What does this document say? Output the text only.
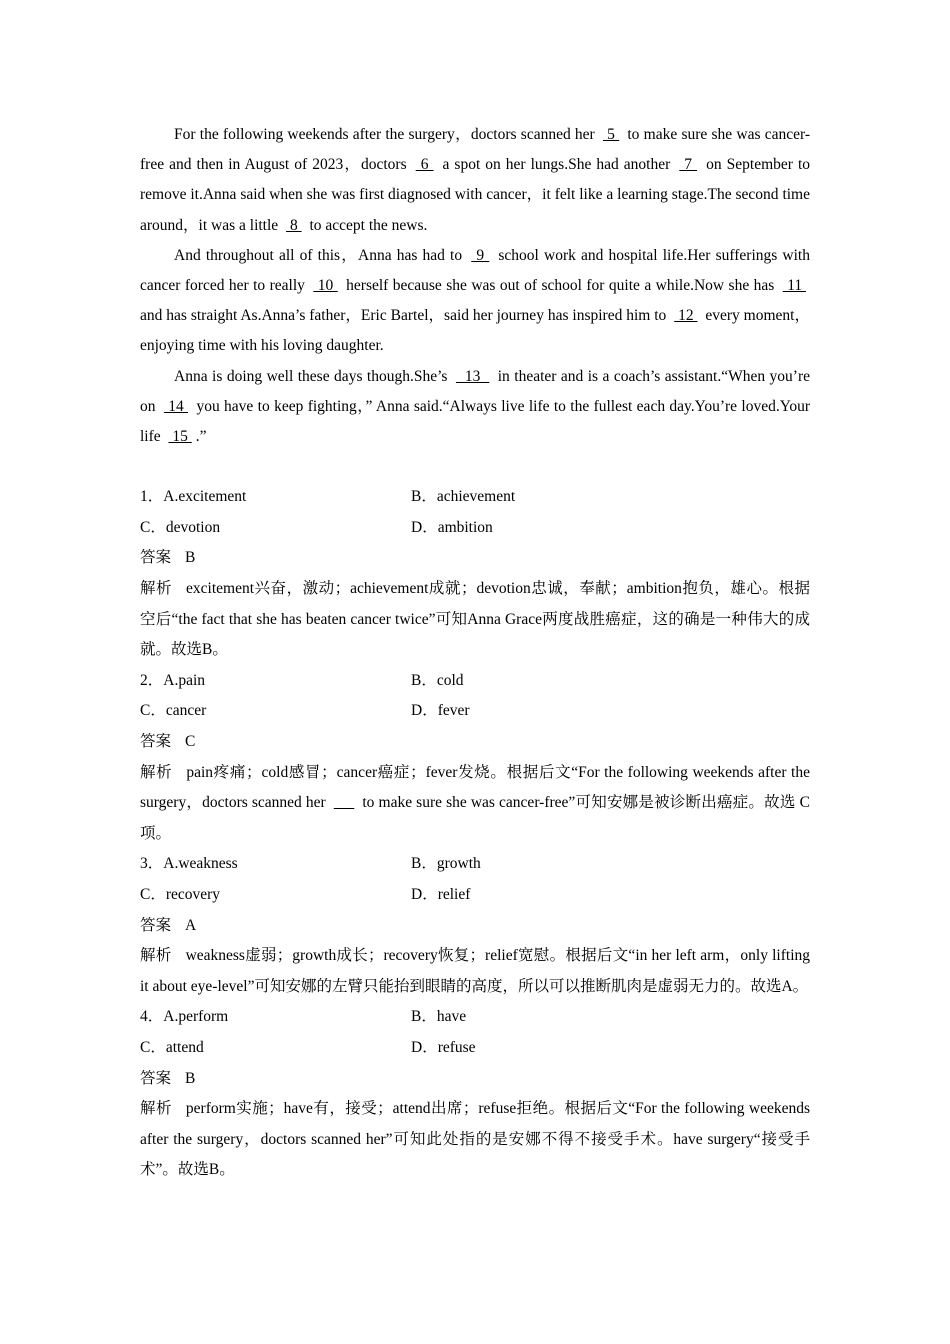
For the following weekends after the surgery，doctors scanned her  5  to make sure she was cancer-free and then in August of 2023，doctors  6  a spot on her lungs.She had another  7  on September to remove it.Anna said when she was first diagnosed with cancer，it felt like a learning stage.The second time around，it was a little  8  to accept the news.

And throughout all of this，Anna has had to  9  school work and hospital life.Her sufferings with cancer forced her to really  10  herself because she was out of school for quite a while.Now she has  11  and has straight As.Anna’s father，Eric Bartel，said her journey has inspired him to  12  every moment，enjoying time with his loving daughter.

Anna is doing well these days though.She’s   13   in theater and is a coach’s assistant.“When you’re on  14  you have to keep fighting，” Anna said.“Always live life to the fullest each day.You’re loved.Your life  15 .”

1．A.excitement	B．achievement
C．devotion	D．ambition

答案 B

解析 excitement兴奋，激动；achievement成就；devotion忠诚，奉献；ambition抱负，雄心。根据空后“the fact that she has beaten cancer twice”可知Anna Grace两度战胜癌症，这的确是一种伟大的成就。故选B。

2．A.pain	B．cold
C．cancer	D．fever

答案 C

解析 pain疼痛；cold感冒；cancer癌症；fever发烧。根据后文“For the following weekends after the surgery，doctors scanned her       to make sure she was cancer-free”可知安娜是被诊断出癌症。故选 C项。

3．A.weakness	B．growth
C．recovery	D．relief

答案 A

解析 weakness虚弱；growth成长；recovery恢复；relief宽慰。根据后文“in her left arm，only lifting it about eye-level”可知安娜的左臂只能抬到眼睛的高度，所以可以推断肌肉是虚弱无力的。故选A。

4．A.perform	B．have
C．attend	D．refuse

答案 B

解析 perform实施；have有，接受；attend出席；refuse拒绝。根据后文“For the following weekends after the surgery，doctors scanned her”可知此处指的是安娜不得不接受手术。have surgery“接受手术”。故选B。
